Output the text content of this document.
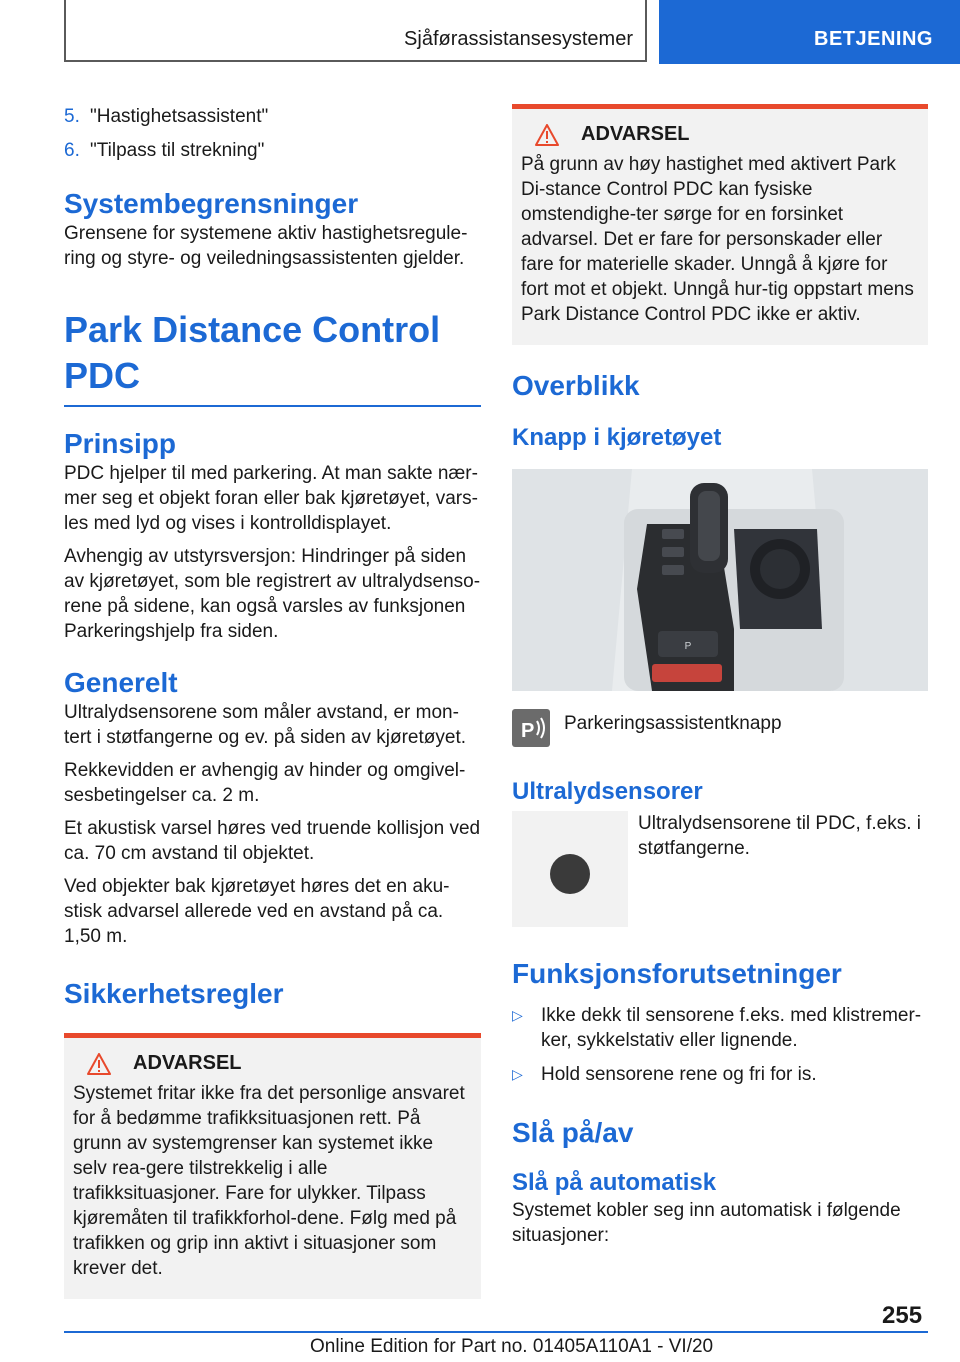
Sjåførassistansesystemer	BETJENING
5. "Hastighetsassistent"
6. "Tilpass til strekning"
Systembegrensninger

Grensene for systemene aktiv hastighetsregule-ring og styre- og veiledningsassistenten gjelder.

Park Distance Control PDC
Prinsipp

PDC hjelper til med parkering. At man sakte nær-mer seg et objekt foran eller bak kjøretøyet, vars-les med lyd og vises i kontrolldisplayet.

Avhengig av utstyrsversjon: Hindringer på siden av kjøretøyet, som ble registrert av ultralydsenso-rene på sidene, kan også varsles av funksjonen Parkeringshjelp fra siden.

Generelt

Ultralydsensorene som måler avstand, er mon-tert i støtfangerne og ev. på siden av kjøretøyet.

Rekkevidden er avhengig av hinder og omgivel-sesbetingelser ca. 2 m.

Et akustisk varsel høres ved truende kollisjon ved ca. 70 cm avstand til objektet.

Ved objekter bak kjøretøyet høres det en aku-stisk advarsel allerede ved en avstand på ca. 1,50 m.

Sikkerhetsregler
ADVARSEL

Systemet fritar ikke fra det personlige ansvaret for å bedømme trafikksituasjonen rett. På grunn av systemgrenser kan systemet ikke selv rea-gere tilstrekkelig i alle trafikksituasjoner. Fare for ulykker. Tilpass kjøremåten til trafikkforhol-dene. Følg med på trafikken og grip inn aktivt i situasjoner som krever det.

ADVARSEL

På grunn av høy hastighet med aktivert Park Di-stance Control PDC kan fysiske omstendighe-ter sørge for en forsinket advarsel. Det er fare for personskader eller fare for materielle skader. Unngå å kjøre for fort mot et objekt. Unngå hur-tig oppstart mens Park Distance Control PDC ikke er aktiv.

Overblikk
Knapp i kjøretøyet
P
P Parkeringsassistentknapp
Ultralydsensorer

Ultralydsensorene til PDC, f.eks. i støtfangerne.

Funksjonsforutsetninger
▷ Ikke dekk til sensorene f.eks. med klistremer-ker, sykkelstativ eller lignende.
▷ Hold sensorene rene og fri for is.
Slå på/av
Slå på automatisk

Systemet kobler seg inn automatisk i følgende situasjoner:

255
Online Edition for Part no. 01405A110A1 - VI/20
